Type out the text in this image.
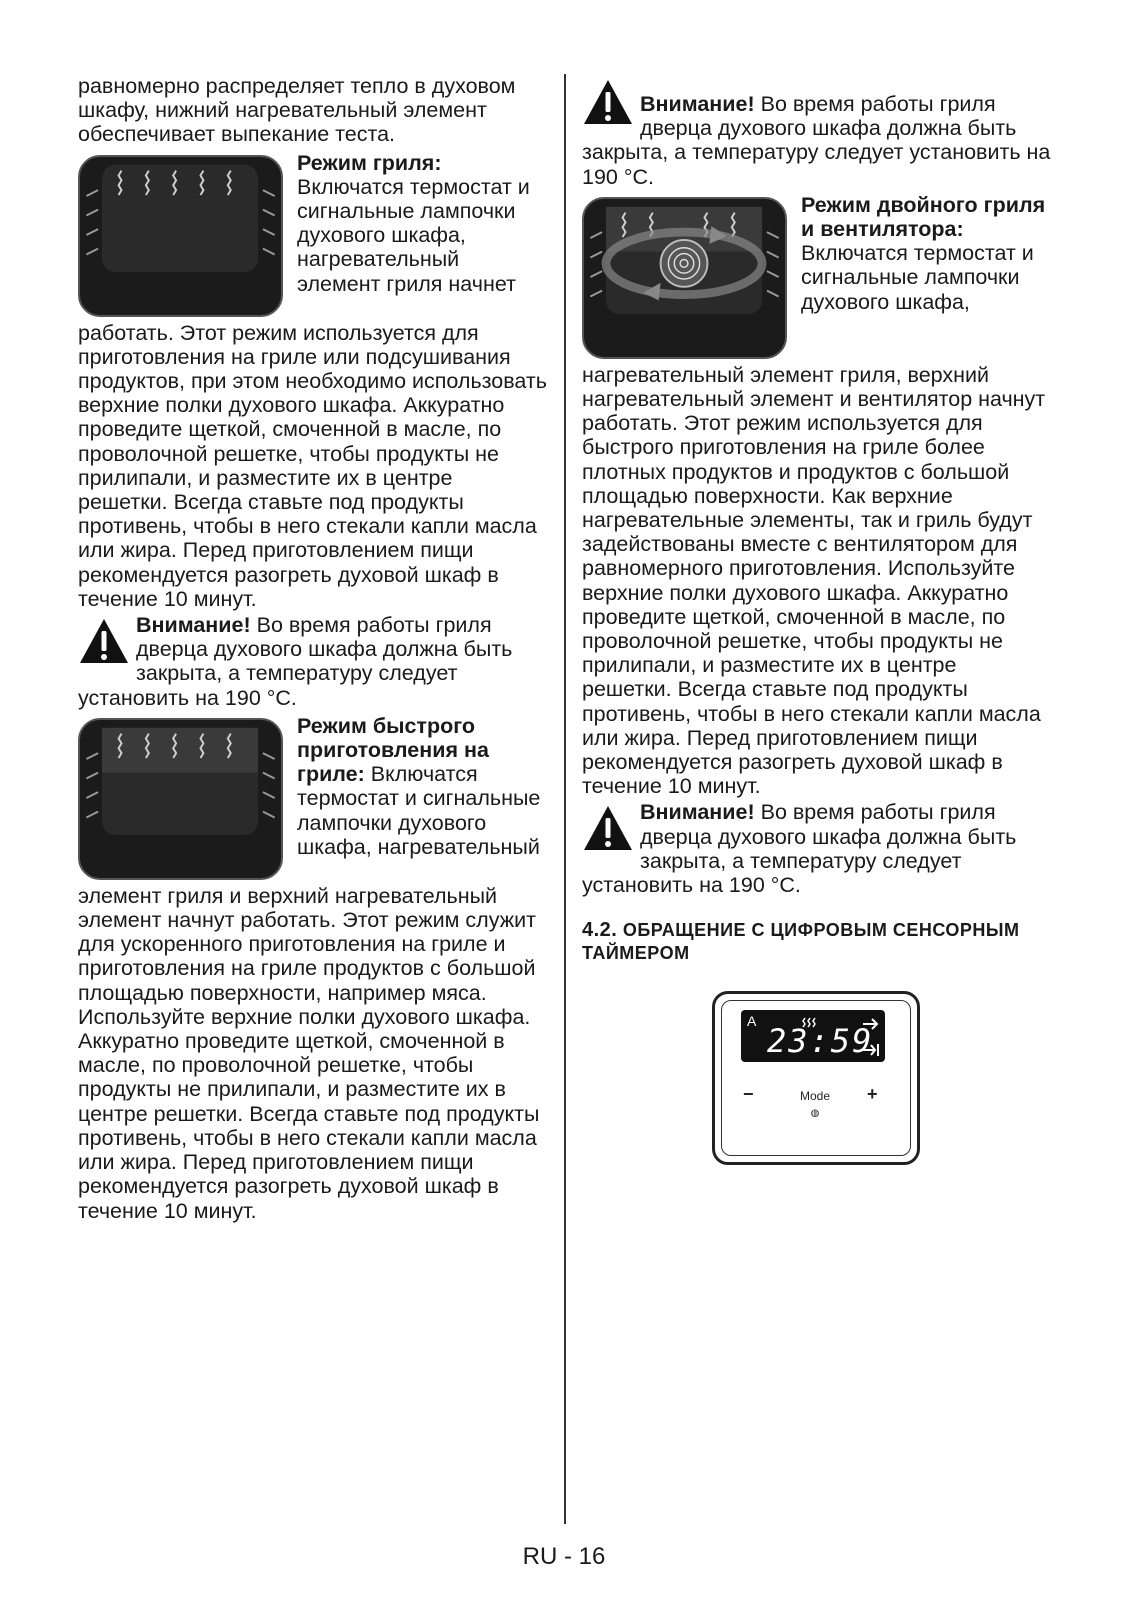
равномерно распределяет тепло в духовом шкафу, нижний нагревательный элемент обеспечивает выпекание теста.

Режим гриля: Включатся термостат и сигнальные лампочки духового шкафа, нагревательный элемент гриля начнет

работать. Этот режим используется для приготовления на гриле или подсушивания продуктов, при этом необходимо использовать верхние полки духового шкафа. Аккуратно проведите щеткой, смоченной в масле, по проволочной решетке, чтобы продукты не прилипали, и разместите их в центре решетки. Всегда ставьте под продукты противень, чтобы в него стекали капли масла или жира. Перед приготовлением пищи рекомендуется разогреть духовой шкаф в течение 10 минут.

Внимание! Во время работы гриля дверца духового шкафа должна быть закрыта, а температуру следует установить на 190 °C.

Режим быстрого приготовления на гриле: Включатся термостат и сигнальные лампочки духового шкафа, нагревательный

элемент гриля и верхний нагревательный элемент начнут работать. Этот режим служит для ускоренного приготовления на гриле и приготовления на гриле продуктов с большой площадью поверхности, например мяса. Используйте верхние полки духового шкафа. Аккуратно проведите щеткой, смоченной в масле, по проволочной решетке, чтобы продукты не прилипали, и разместите их в центре решетки. Всегда ставьте под продукты противень, чтобы в него стекали капли масла или жира. Перед приготовлением пищи рекомендуется разогреть духовой шкаф в течение 10 минут.

Внимание! Во время работы гриля дверца духового шкафа должна быть закрыта, а температуру следует установить на 190 °C.

Режим двойного гриля и вентилятора: Включатся термостат и сигнальные лампочки духового шкафа,

нагревательный элемент гриля, верхний нагревательный элемент и вентилятор начнут работать. Этот режим используется для быстрого приготовления на гриле более плотных продуктов и продуктов с большой площадью поверхности. Как верхние нагревательные элементы, так и гриль будут задействованы вместе с вентилятором для равномерного приготовления. Используйте верхние полки духового шкафа. Аккуратно проведите щеткой, смоченной в масле, по проволочной решетке, чтобы продукты не прилипали, и разместите их в центре решетки. Всегда ставьте под продукты противень, чтобы в него стекали капли масла или жира. Перед приготовлением пищи рекомендуется разогреть духовой шкаф в течение 10 минут.

Внимание! Во время работы гриля дверца духового шкафа должна быть закрыта, а температуру следует установить на 190 °C.

4.2. ОБРАЩЕНИЕ С ЦИФРОВЫМ СЕНСОРНЫМ ТАЙМЕРОМ
A
23:59
−	Mode
◍
+
RU - 16
